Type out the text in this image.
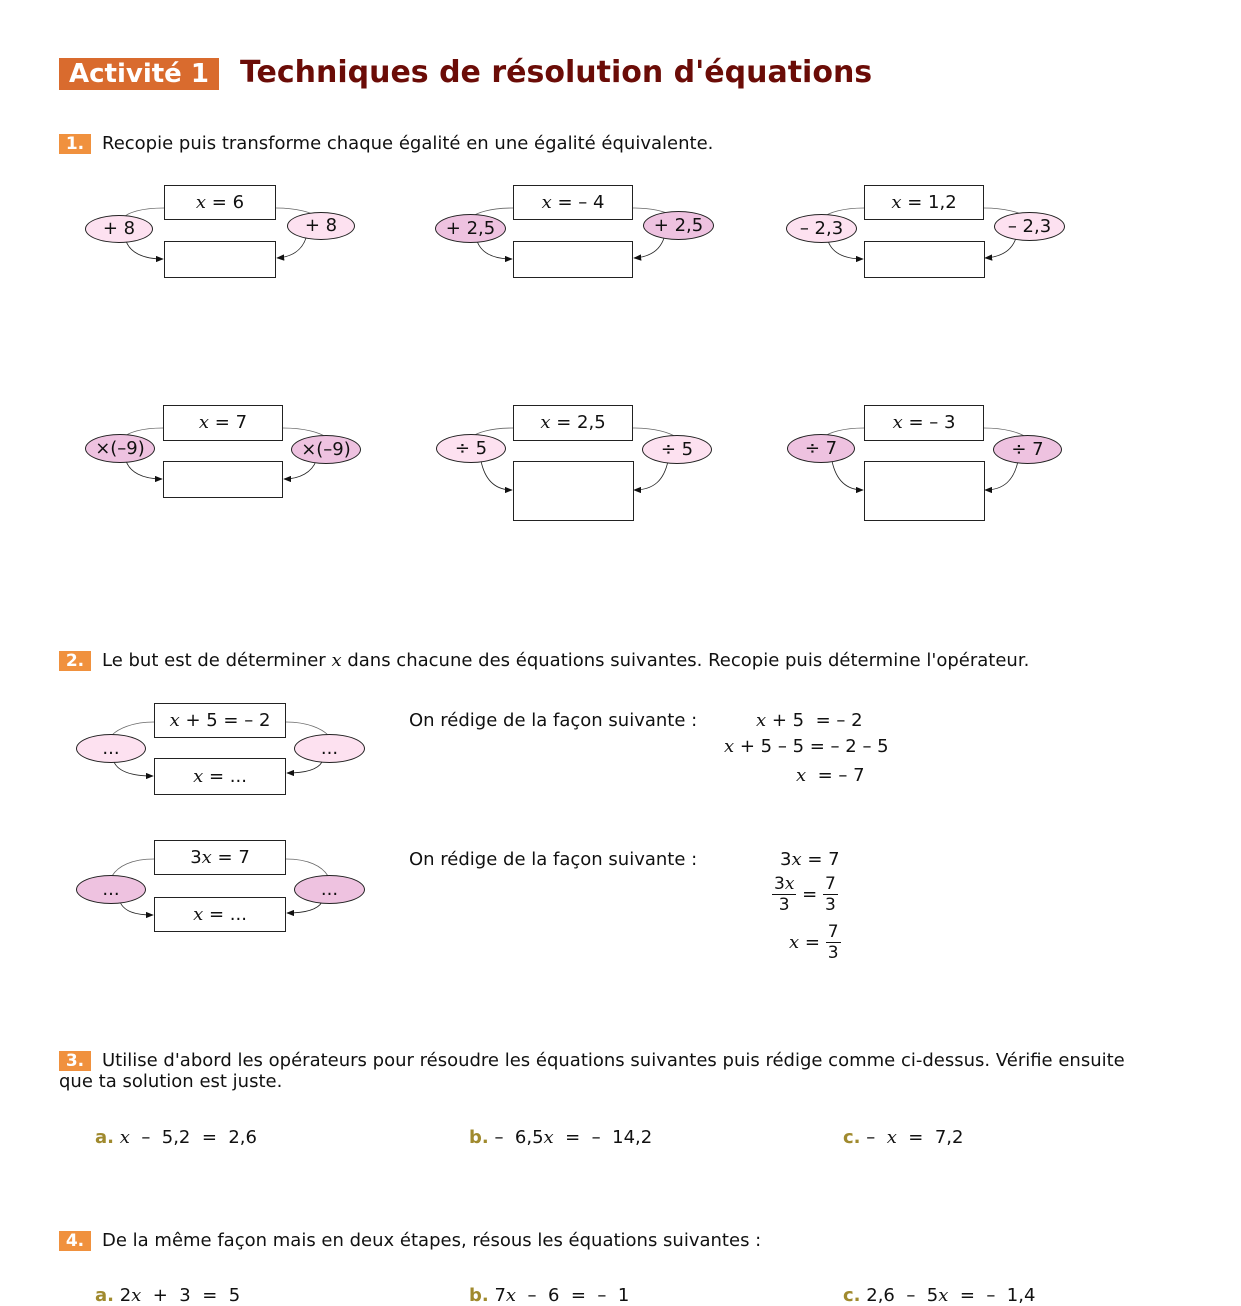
Activité 1	Techniques de résolution d'équations
1. Recopie puis transforme chaque égalité en une égalité équivalente.
x = 6
+ 8	+ 8
x = – 4
+ 2,5	+ 2,5
x = 1,2
– 2,3	– 2,3
x = 7
×(–9)	×(–9)
x = 2,5
÷ 5	÷ 5
x = – 3
÷ 7	÷ 7
2. Le but est de déterminer x dans chacune des équations suivantes. Recopie puis détermine l'opérateur.
x + 5 = – 2
x = ...
...	...
On rédige de la façon suivante :	x + 5  = – 2
x + 5 – 5 = – 2 – 5
x  = – 7
3x = 7
x = ...
...	...
On rédige de la façon suivante :	3x = 7
$\frac{3x}{3} = \frac{7}{3}$
$x = \frac{7}{3}$
3. Utilise d'abord les opérateurs pour résoudre les équations suivantes puis rédige comme ci-dessus. Vérifie ensuite
que ta solution est juste.
a. x  –  5,2  =  2,6	b. –  6,5x  =  –  14,2	c. –  x  =  7,2
4. De la même façon mais en deux étapes, résous les équations suivantes :
a. 2x  +  3  =  5	b. 7x  –  6  =  –  1	c. 2,6  –  5x  =  –  1,4
